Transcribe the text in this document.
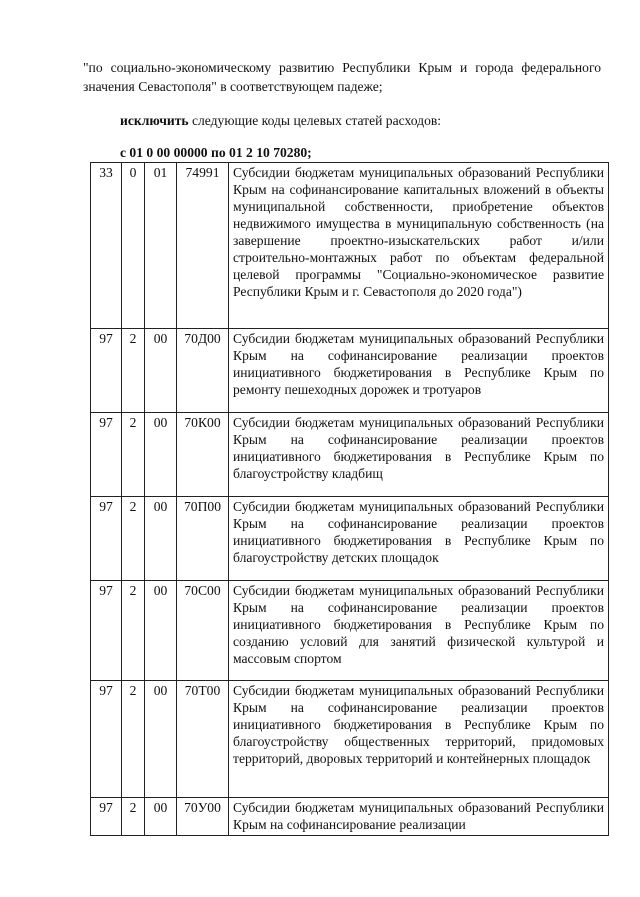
"по социально-экономическому развитию Республики Крым и города федерального значения Севастополя" в соответствующем падеже;
исключить следующие коды целевых статей расходов:
с 01 0 00 00000 по 01 2 10 70280;
33	0	01	74991	Субсидии бюджетам муниципальных образований Республики Крым на софинансирование капитальных вложений в объекты муниципальной собственности, приобретение объектов недвижимого имущества в муниципальную собственность (на завершение проектно-изыскательских работ и/или строительно-монтажных работ по объектам федеральной целевой программы "Социально-экономическое развитие Республики Крым и г. Севастополя до 2020 года")
97	2	00	70Д00	Субсидии бюджетам муниципальных образований Республики Крым на софинансирование реализации проектов инициативного бюджетирования в Республике Крым по ремонту пешеходных дорожек и тротуаров
97	2	00	70К00	Субсидии бюджетам муниципальных образований Республики Крым на софинансирование реализации проектов инициативного бюджетирования в Республике Крым по благоустройству кладбищ
97	2	00	70П00	Субсидии бюджетам муниципальных образований Республики Крым на софинансирование реализации проектов инициативного бюджетирования в Республике Крым по благоустройству детских площадок
97	2	00	70С00	Субсидии бюджетам муниципальных образований Республики Крым на софинансирование реализации проектов инициативного бюджетирования в Республике Крым по созданию условий для занятий физической культурой и массовым спортом
97	2	00	70Т00	Субсидии бюджетам муниципальных образований Республики Крым на софинансирование реализации проектов инициативного бюджетирования в Республике Крым по благоустройству общественных территорий, придомовых территорий, дворовых территорий и контейнерных площадок
97	2	00	70У00	Субсидии бюджетам муниципальных образований Республики Крым на софинансирование реализации
